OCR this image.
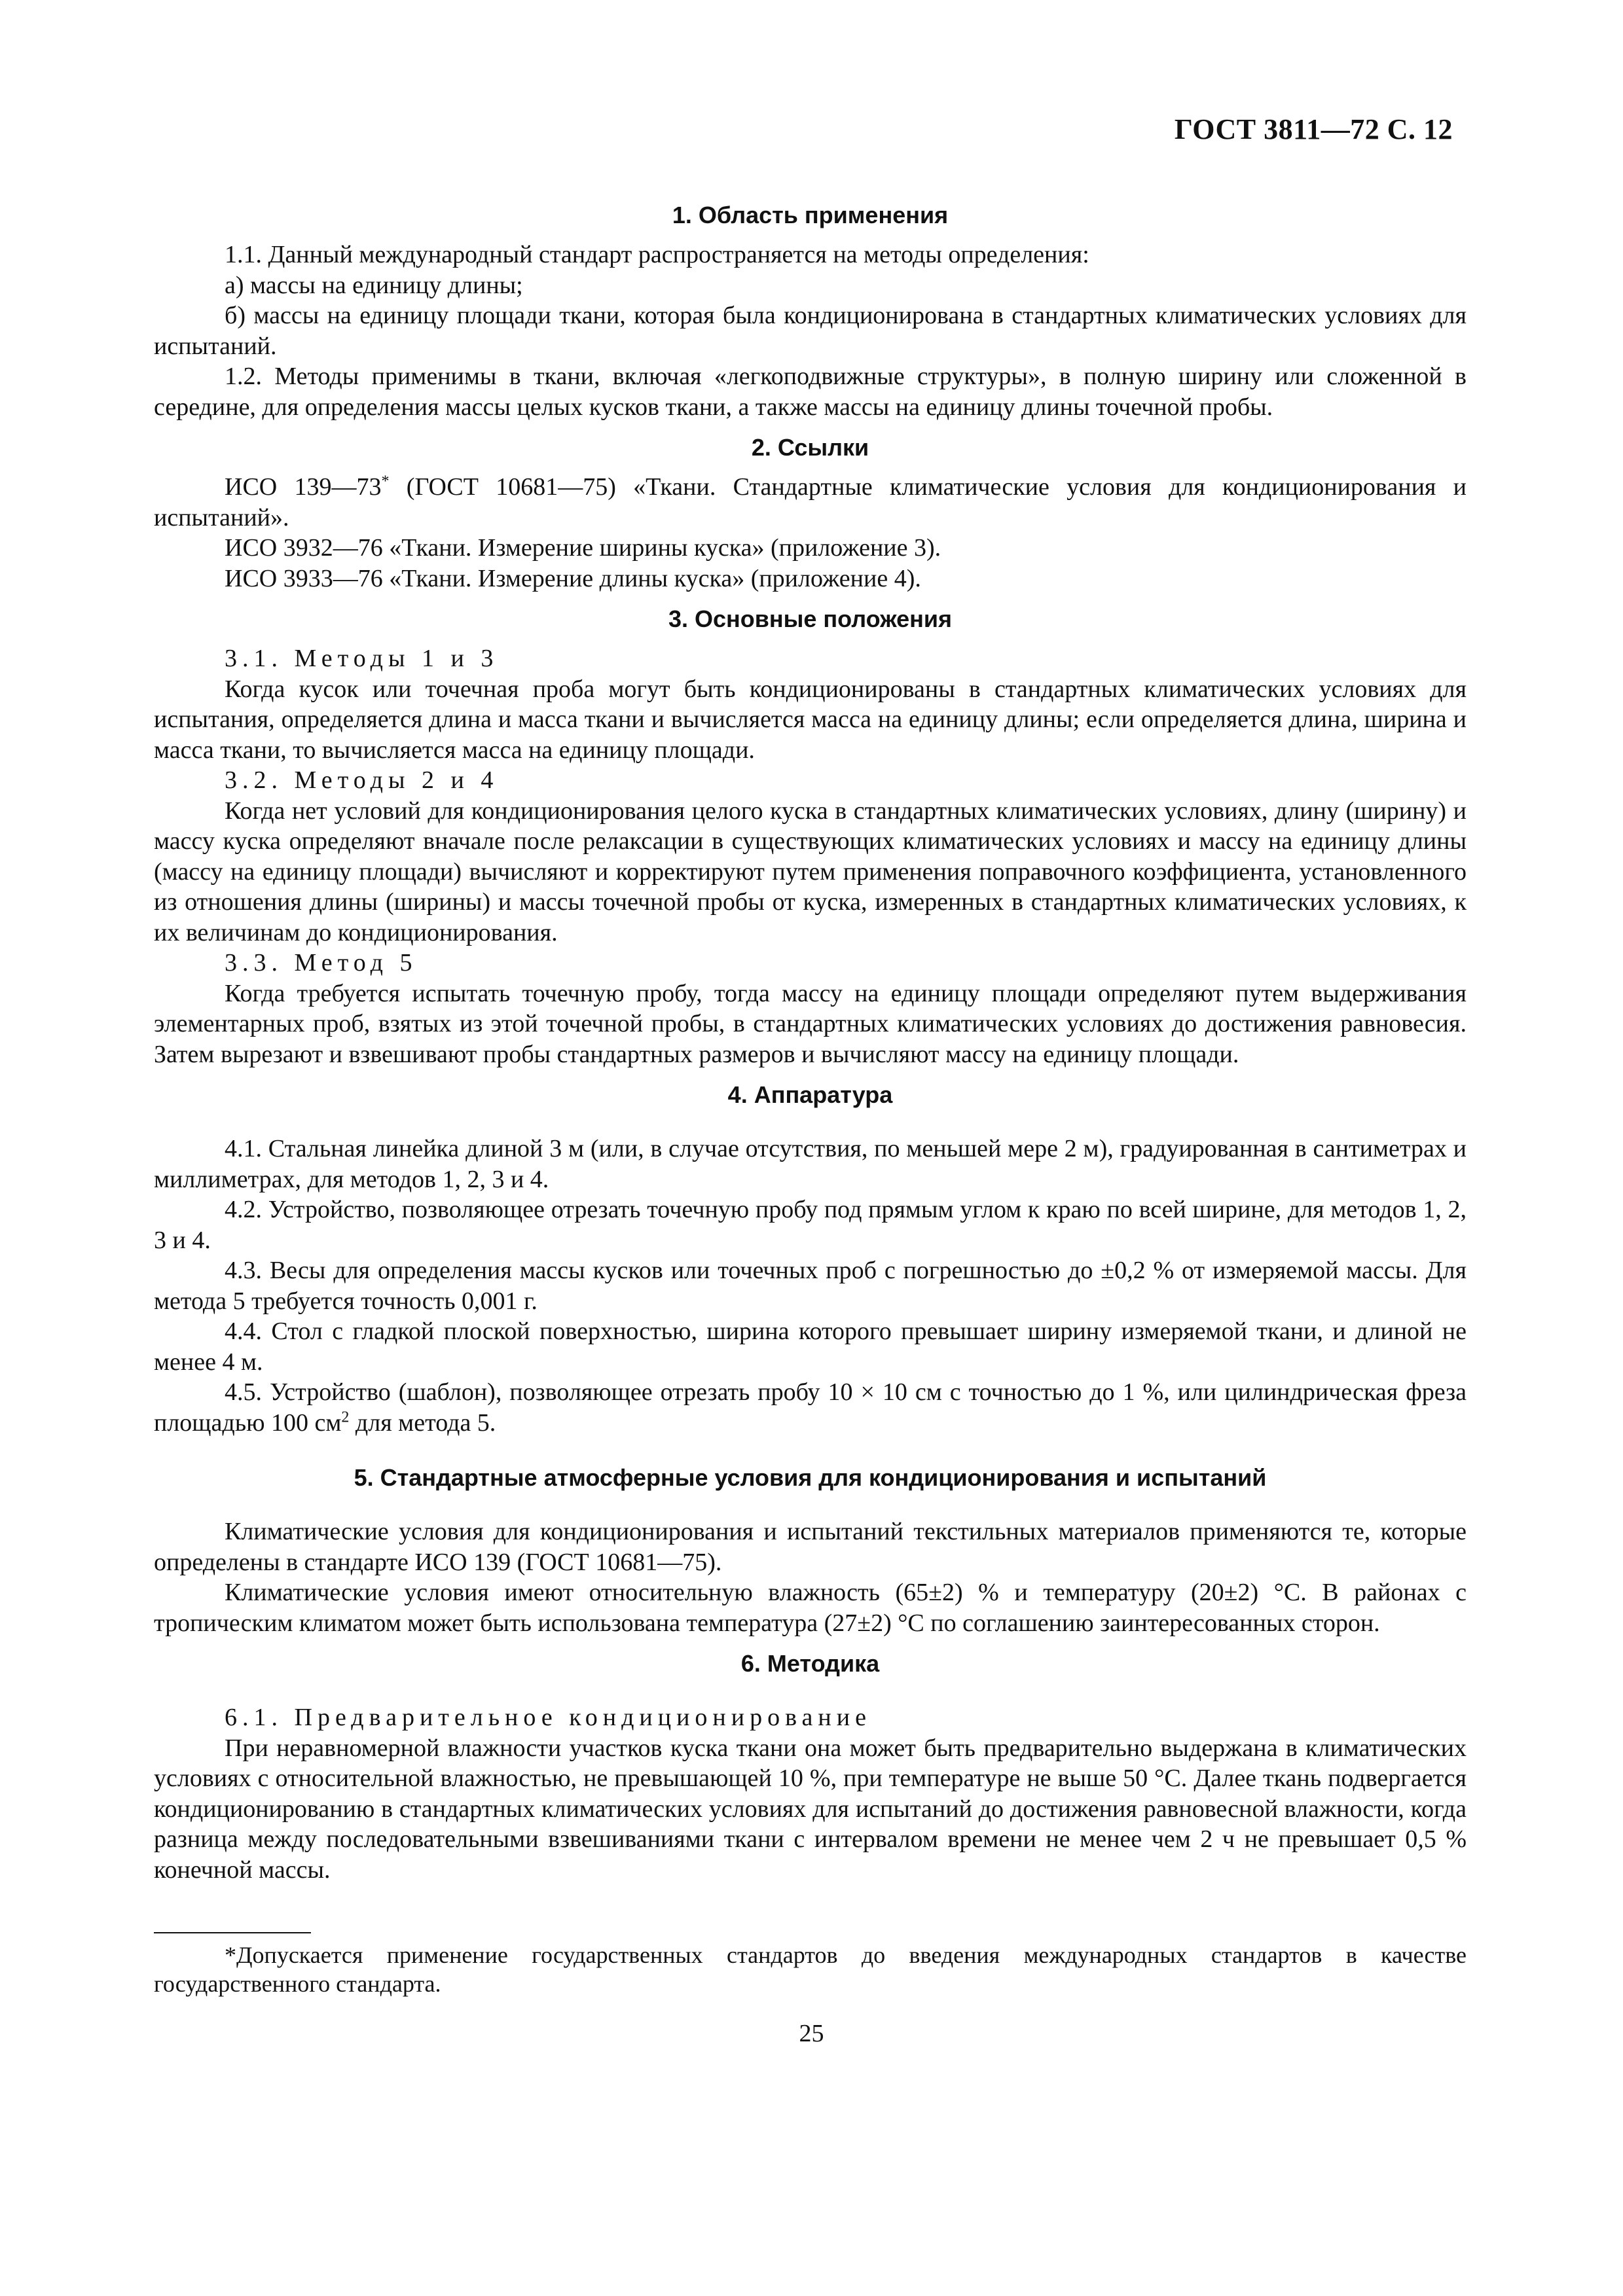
ГОСТ 3811—72 С. 12
1. Область применения

1.1. Данный международный стандарт распространяется на методы определения:

а) массы на единицу длины;

б) массы на единицу площади ткани, которая была кондиционирована в стандартных климатических условиях для испытаний.

1.2. Методы применимы в ткани, включая «легкоподвижные структуры», в полную ширину или сложенной в середине, для определения массы целых кусков ткани, а также массы на единицу длины точечной пробы.

2. Ссылки

ИСО 139—73* (ГОСТ 10681—75) «Ткани. Стандартные климатические условия для кондиционирования и испытаний».

ИСО 3932—76 «Ткани. Измерение ширины куска» (приложение 3).

ИСО 3933—76 «Ткани. Измерение длины куска» (приложение 4).

3. Основные положения

3.1. Методы 1 и 3

Когда кусок или точечная проба могут быть кондиционированы в стандартных климатических условиях для испытания, определяется длина и масса ткани и вычисляется масса на единицу длины; если определяется длина, ширина и масса ткани, то вычисляется масса на единицу площади.

3.2. Методы 2 и 4

Когда нет условий для кондиционирования целого куска в стандартных климатических условиях, длину (ширину) и массу куска определяют вначале после релаксации в существующих климатических условиях и массу на единицу длины (массу на единицу площади) вычисляют и корректируют путем применения поправочного коэффициента, установленного из отношения длины (ширины) и массы точечной пробы от куска, измеренных в стандартных климатических условиях, к их величинам до кондиционирования.

3.3. Метод 5

Когда требуется испытать точечную пробу, тогда массу на единицу площади определяют путем выдерживания элементарных проб, взятых из этой точечной пробы, в стандартных климатических условиях до достижения равновесия. Затем вырезают и взвешивают пробы стандартных размеров и вычисляют массу на единицу площади.

4. Аппаратура

4.1. Стальная линейка длиной 3 м (или, в случае отсутствия, по меньшей мере 2 м), градуированная в сантиметрах и миллиметрах, для методов 1, 2, 3 и 4.

4.2. Устройство, позволяющее отрезать точечную пробу под прямым углом к краю по всей ширине, для методов 1, 2, 3 и 4.

4.3. Весы для определения массы кусков или точечных проб с погрешностью до ±0,2 % от измеряемой массы. Для метода 5 требуется точность 0,001 г.

4.4. Стол с гладкой плоской поверхностью, ширина которого превышает ширину измеряемой ткани, и длиной не менее 4 м.

4.5. Устройство (шаблон), позволяющее отрезать пробу 10 × 10 см с точностью до 1 %, или цилиндрическая фреза площадью 100 $см^2$ для метода 5.

5. Стандартные атмосферные условия для кондиционирования и испытаний

Климатические условия для кондиционирования и испытаний текстильных материалов применяются те, которые определены в стандарте ИСО 139 (ГОСТ 10681—75).

Климатические условия имеют относительную влажность (65±2) % и температуру (20±2) °С. В районах с тропическим климатом может быть использована температура (27±2) °С по соглашению заинтересованных сторон.

6. Методика

6.1. Предварительное кондиционирование

При неравномерной влажности участков куска ткани она может быть предварительно выдержана в климатических условиях с относительной влажностью, не превышающей 10 %, при температуре не выше 50 °С. Далее ткань подвергается кондиционированию в стандартных климатических условиях для испытаний до достижения равновесной влажности, когда разница между последовательными взвешиваниями ткани с интервалом времени не менее чем 2 ч не превышает 0,5 % конечной массы.

*Допускается применение государственных стандартов до введения международных стандартов в качестве государственного стандарта.

25
